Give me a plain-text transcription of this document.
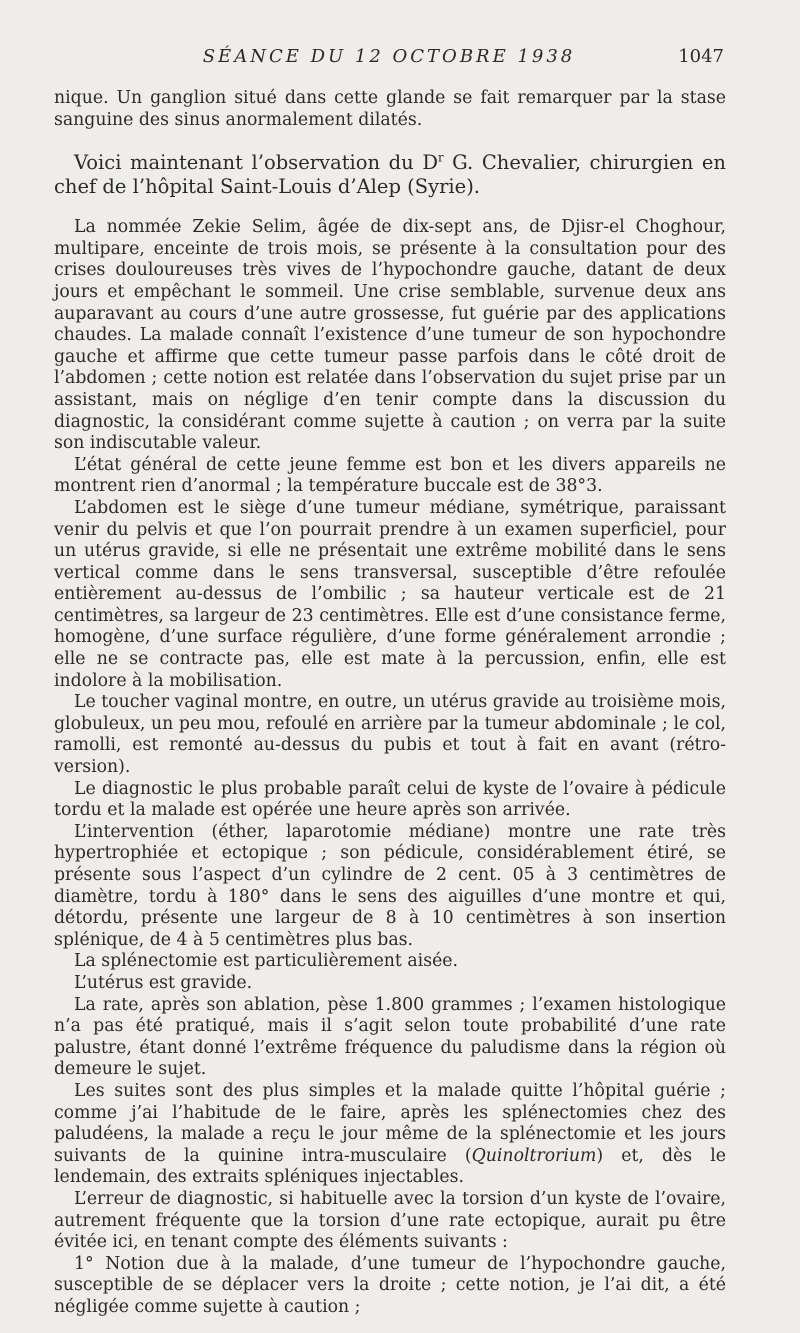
SÉANCE DU 12 OCTOBRE 1938	1047

nique. Un ganglion situé dans cette glande se fait remarquer par la stase sanguine des sinus anormalement dilatés.

Voici maintenant l’observation du $D^r$ G. Chevalier, chirurgien en chef de l’hôpital Saint-Louis d’Alep (Syrie).

La nommée Zekie Selim, âgée de dix-sept ans, de Djisr-el Choghour, multipare, enceinte de trois mois, se présente à la consultation pour des crises douloureuses très vives de l’hypochondre gauche, datant de deux jours et empêchant le sommeil. Une crise semblable, survenue deux ans auparavant au cours d’une autre grossesse, fut guérie par des applications chaudes. La malade connaît l’existence d’une tumeur de son hypochondre gauche et affirme que cette tumeur passe parfois dans le côté droit de l’abdomen ; cette notion est relatée dans l’observation du sujet prise par un assistant, mais on néglige d’en tenir compte dans la discussion du diagnostic, la considérant comme sujette à caution ; on verra par la suite son indiscutable valeur.

L’état général de cette jeune femme est bon et les divers appareils ne montrent rien d’anormal ; la température buccale est de 38°3.

L’abdomen est le siège d’une tumeur médiane, symétrique, paraissant venir du pelvis et que l’on pourrait prendre à un examen superficiel, pour un utérus gravide, si elle ne présentait une extrême mobilité dans le sens vertical comme dans le sens transversal, susceptible d’être refoulée entièrement au-dessus de l’ombilic ; sa hauteur verticale est de 21 centimètres, sa largeur de 23 centimètres. Elle est d’une consistance ferme, homogène, d’une surface régulière, d’une forme généralement arrondie ; elle ne se contracte pas, elle est mate à la percussion, enfin, elle est indolore à la mobilisation.

Le toucher vaginal montre, en outre, un utérus gravide au troisième mois, globuleux, un peu mou, refoulé en arrière par la tumeur abdominale ; le col, ramolli, est remonté au-dessus du pubis et tout à fait en avant (rétro-version).

Le diagnostic le plus probable paraît celui de kyste de l’ovaire à pédicule tordu et la malade est opérée une heure après son arrivée.

L’intervention (éther, laparotomie médiane) montre une rate très hypertrophiée et ectopique ; son pédicule, considérablement étiré, se présente sous l’aspect d’un cylindre de 2 cent. 05 à 3 centimètres de diamètre, tordu à 180° dans le sens des aiguilles d’une montre et qui, détordu, présente une largeur de 8 à 10 centimètres à son insertion splénique, de 4 à 5 centimètres plus bas.

La splénectomie est particulièrement aisée.

L’utérus est gravide.

La rate, après son ablation, pèse 1.800 grammes ; l’examen histologique n’a pas été pratiqué, mais il s’agit selon toute probabilité d’une rate palustre, étant donné l’extrême fréquence du paludisme dans la région où demeure le sujet.

Les suites sont des plus simples et la malade quitte l’hôpital guérie ; comme j’ai l’habitude de le faire, après les splénectomies chez des paludéens, la malade a reçu le jour même de la splénectomie et les jours suivants de la quinine intra-musculaire (Quinoltrorium) et, dès le lendemain, des extraits spléniques injectables.

L’erreur de diagnostic, si habituelle avec la torsion d’un kyste de l’ovaire, autrement fréquente que la torsion d’une rate ectopique, aurait pu être évitée ici, en tenant compte des éléments suivants :

1° Notion due à la malade, d’une tumeur de l’hypochondre gauche, susceptible de se déplacer vers la droite ; cette notion, je l’ai dit, a été négligée comme sujette à caution ;
